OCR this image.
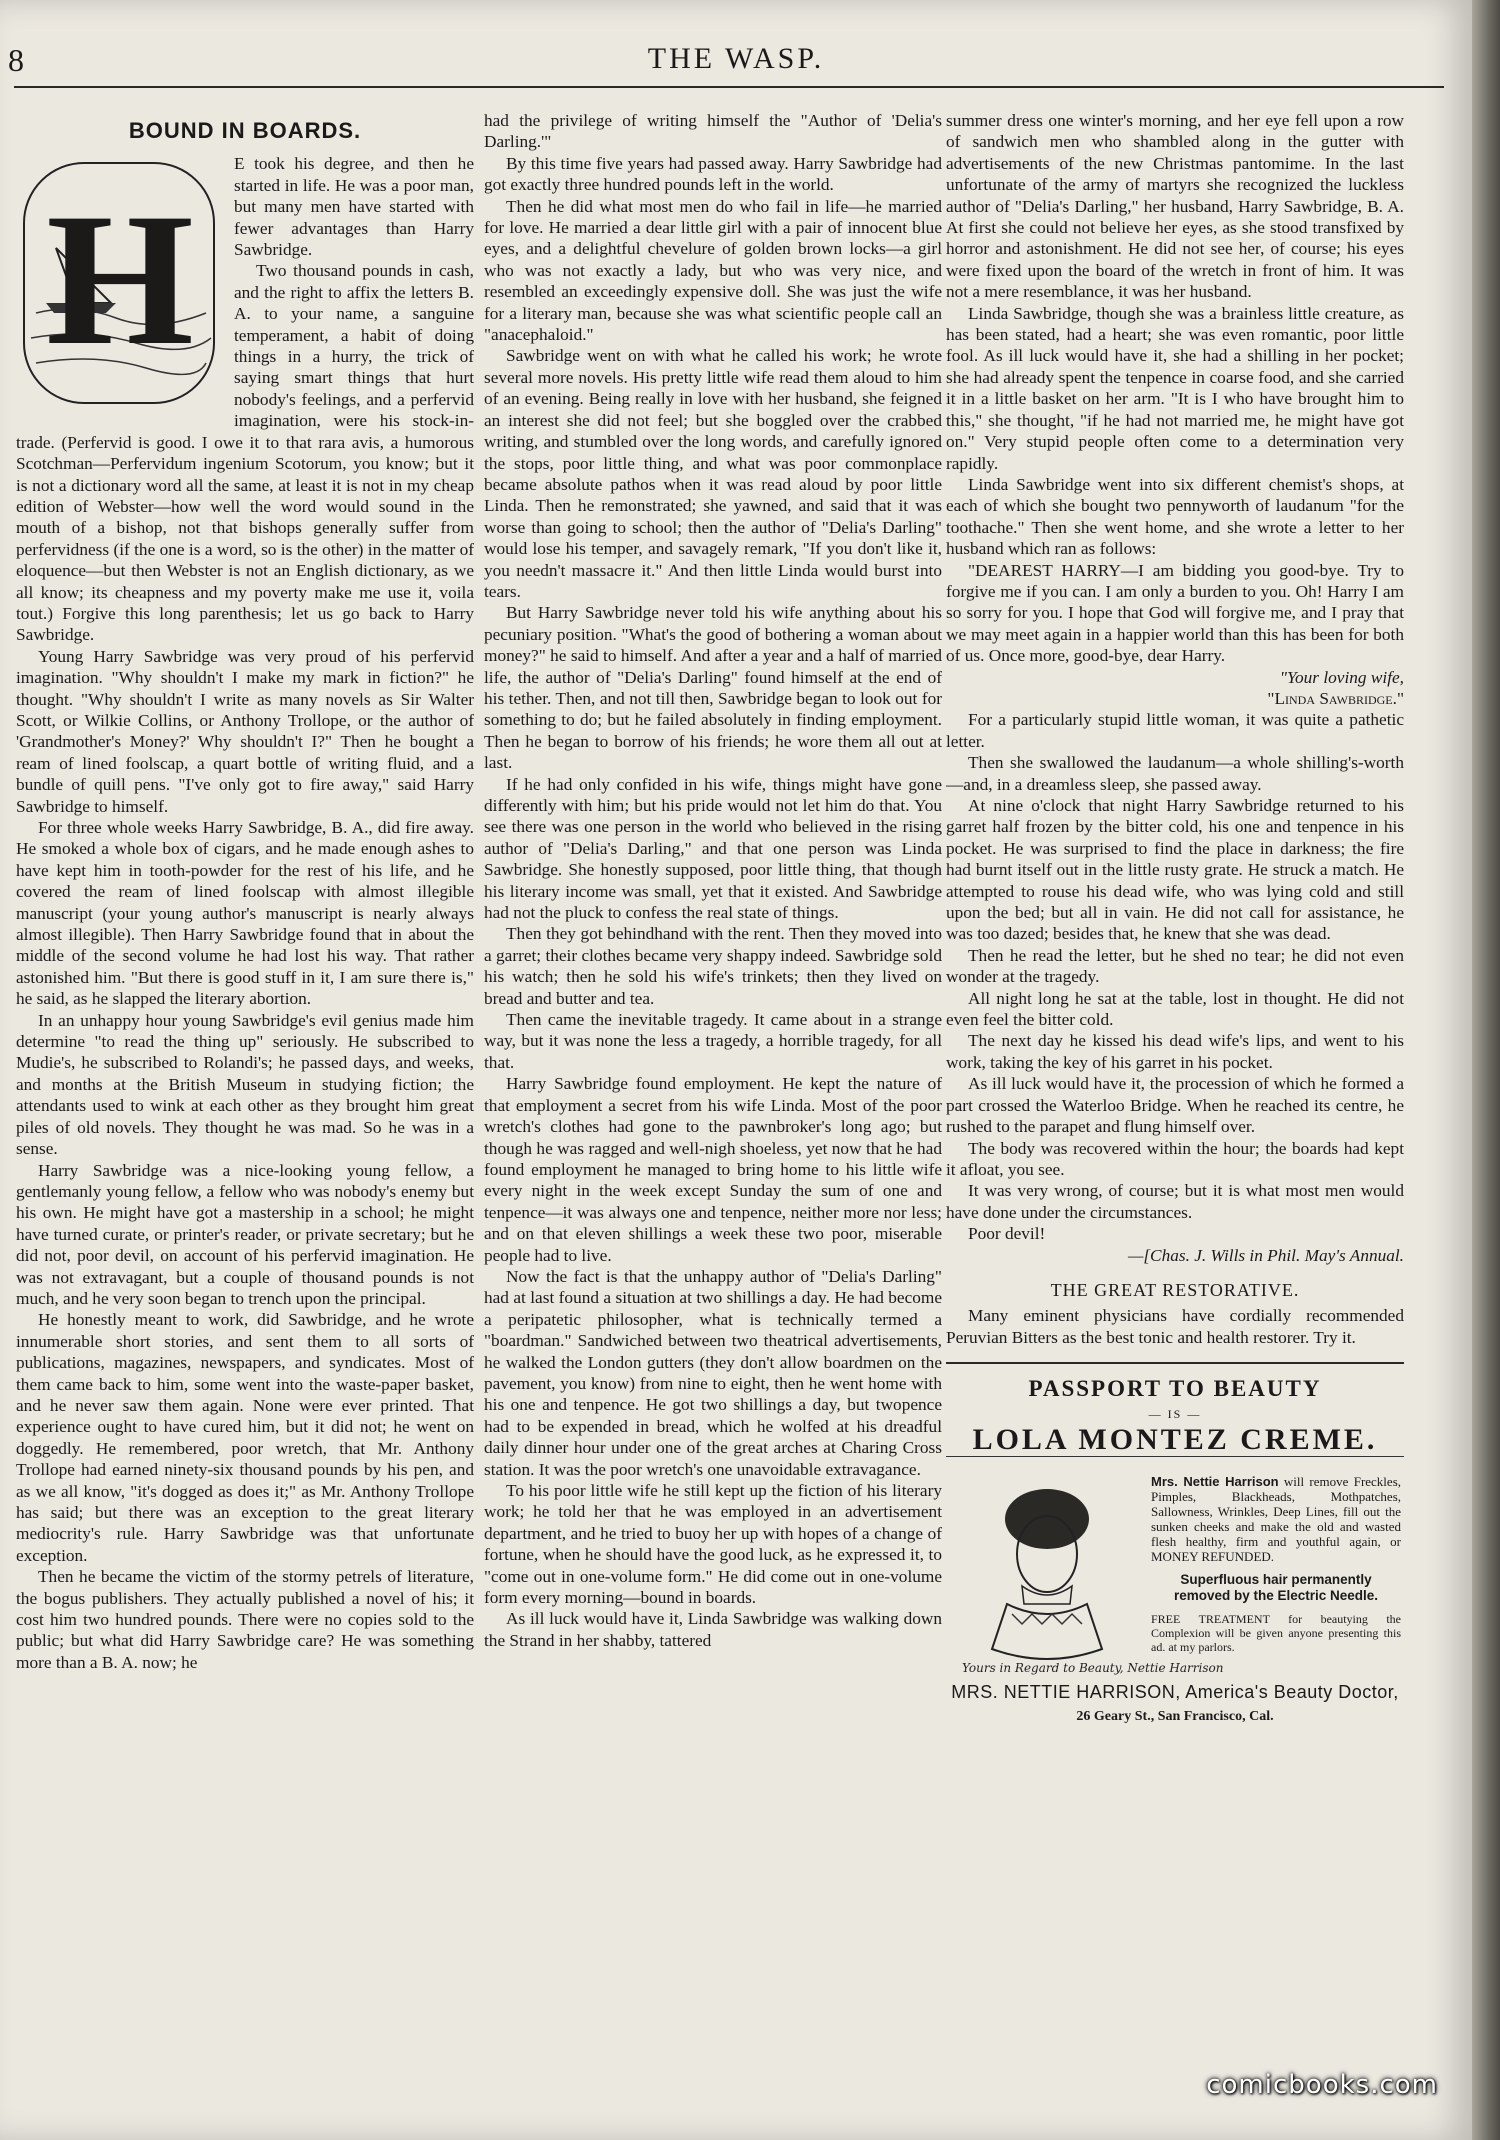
8	THE WASP.
BOUND IN BOARDS.
H

E took his degree, and then he started in life. He was a poor man, but many men have started with fewer advantages than Harry Sawbridge.

Two thousand pounds in cash, and the right to affix the letters B. A. to your name, a sanguine temperament, a habit of doing things in a hurry, the trick of saying smart things that hurt nobody's feelings, and a perfervid imagination, were his stock-in-trade. (Perfervid is good. I owe it to that rara avis, a humorous Scotchman—Perfervidum ingenium Scotorum, you know; but it is not a dictionary word all the same, at least it is not in my cheap edition of Webster—how well the word would sound in the mouth of a bishop, not that bishops generally suffer from perfervidness (if the one is a word, so is the other) in the matter of eloquence—but then Webster is not an English dictionary, as we all know; its cheapness and my poverty make me use it, voila tout.) Forgive this long parenthesis; let us go back to Harry Sawbridge.

Young Harry Sawbridge was very proud of his perfervid imagination. "Why shouldn't I make my mark in fiction?" he thought. "Why shouldn't I write as many novels as Sir Walter Scott, or Wilkie Collins, or Anthony Trollope, or the author of 'Grandmother's Money?' Why shouldn't I?" Then he bought a ream of lined foolscap, a quart bottle of writing fluid, and a bundle of quill pens. "I've only got to fire away," said Harry Sawbridge to himself.

For three whole weeks Harry Sawbridge, B. A., did fire away. He smoked a whole box of cigars, and he made enough ashes to have kept him in tooth-powder for the rest of his life, and he covered the ream of lined foolscap with almost illegible manuscript (your young author's manuscript is nearly always almost illegible). Then Harry Sawbridge found that in about the middle of the second volume he had lost his way. That rather astonished him. "But there is good stuff in it, I am sure there is," he said, as he slapped the literary abortion.

In an unhappy hour young Sawbridge's evil genius made him determine "to read the thing up" seriously. He subscribed to Mudie's, he subscribed to Rolandi's; he passed days, and weeks, and months at the British Museum in studying fiction; the attendants used to wink at each other as they brought him great piles of old novels. They thought he was mad. So he was in a sense.

Harry Sawbridge was a nice-looking young fellow, a gentlemanly young fellow, a fellow who was nobody's enemy but his own. He might have got a mastership in a school; he might have turned curate, or printer's reader, or private secretary; but he did not, poor devil, on account of his perfervid imagination. He was not extravagant, but a couple of thousand pounds is not much, and he very soon began to trench upon the principal.

He honestly meant to work, did Sawbridge, and he wrote innumerable short stories, and sent them to all sorts of publications, magazines, newspapers, and syndicates. Most of them came back to him, some went into the waste-paper basket, and he never saw them again. None were ever printed. That experience ought to have cured him, but it did not; he went on doggedly. He remembered, poor wretch, that Mr. Anthony Trollope had earned ninety-six thousand pounds by his pen, and as we all know, "it's dogged as does it;" as Mr. Anthony Trollope has said; but there was an exception to the great literary mediocrity's rule. Harry Sawbridge was that unfortunate exception.

Then he became the victim of the stormy petrels of literature, the bogus publishers. They actually published a novel of his; it cost him two hundred pounds. There were no copies sold to the public; but what did Harry Sawbridge care? He was something more than a B. A. now; he

had the privilege of writing himself the "Author of 'Delia's Darling.'"

By this time five years had passed away. Harry Sawbridge had got exactly three hundred pounds left in the world.

Then he did what most men do who fail in life—he married for love. He married a dear little girl with a pair of innocent blue eyes, and a delightful chevelure of golden brown locks—a girl who was not exactly a lady, but who was very nice, and resembled an exceedingly expensive doll. She was just the wife for a literary man, because she was what scientific people call an "anacephaloid."

Sawbridge went on with what he called his work; he wrote several more novels. His pretty little wife read them aloud to him of an evening. Being really in love with her husband, she feigned an interest she did not feel; but she boggled over the crabbed writing, and stumbled over the long words, and carefully ignored the stops, poor little thing, and what was poor commonplace became absolute pathos when it was read aloud by poor little Linda. Then he remonstrated; she yawned, and said that it was worse than going to school; then the author of "Delia's Darling" would lose his temper, and savagely remark, "If you don't like it, you needn't massacre it." And then little Linda would burst into tears.

But Harry Sawbridge never told his wife anything about his pecuniary position. "What's the good of bothering a woman about money?" he said to himself. And after a year and a half of married life, the author of "Delia's Darling" found himself at the end of his tether. Then, and not till then, Sawbridge began to look out for something to do; but he failed absolutely in finding employment. Then he began to borrow of his friends; he wore them all out at last.

If he had only confided in his wife, things might have gone differently with him; but his pride would not let him do that. You see there was one person in the world who believed in the rising author of "Delia's Darling," and that one person was Linda Sawbridge. She honestly supposed, poor little thing, that though his literary income was small, yet that it existed. And Sawbridge had not the pluck to confess the real state of things.

Then they got behindhand with the rent. Then they moved into a garret; their clothes became very shappy indeed. Sawbridge sold his watch; then he sold his wife's trinkets; then they lived on bread and butter and tea.

Then came the inevitable tragedy. It came about in a strange way, but it was none the less a tragedy, a horrible tragedy, for all that.

Harry Sawbridge found employment. He kept the nature of that employment a secret from his wife Linda. Most of the poor wretch's clothes had gone to the pawnbroker's long ago; but though he was ragged and well-nigh shoeless, yet now that he had found employment he managed to bring home to his little wife every night in the week except Sunday the sum of one and tenpence—it was always one and tenpence, neither more nor less; and on that eleven shillings a week these two poor, miserable people had to live.

Now the fact is that the unhappy author of "Delia's Darling" had at last found a situation at two shillings a day. He had become a peripatetic philosopher, what is technically termed a "boardman." Sandwiched between two theatrical advertisements, he walked the London gutters (they don't allow boardmen on the pavement, you know) from nine to eight, then he went home with his one and tenpence. He got two shillings a day, but twopence had to be expended in bread, which he wolfed at his dreadful daily dinner hour under one of the great arches at Charing Cross station. It was the poor wretch's one unavoidable extravagance.

To his poor little wife he still kept up the fiction of his literary work; he told her that he was employed in an advertisement department, and he tried to buoy her up with hopes of a change of fortune, when he should have the good luck, as he expressed it, to "come out in one-volume form." He did come out in one-volume form every morning—bound in boards.

As ill luck would have it, Linda Sawbridge was walking down the Strand in her shabby, tattered

summer dress one winter's morning, and her eye fell upon a row of sandwich men who shambled along in the gutter with advertisements of the new Christmas pantomime. In the last unfortunate of the army of martyrs she recognized the luckless author of "Delia's Darling," her husband, Harry Sawbridge, B. A. At first she could not believe her eyes, as she stood transfixed by horror and astonishment. He did not see her, of course; his eyes were fixed upon the board of the wretch in front of him. It was not a mere resemblance, it was her husband.

Linda Sawbridge, though she was a brainless little creature, as has been stated, had a heart; she was even romantic, poor little fool. As ill luck would have it, she had a shilling in her pocket; she had already spent the tenpence in coarse food, and she carried it in a little basket on her arm. "It is I who have brought him to this," she thought, "if he had not married me, he might have got on." Very stupid people often come to a determination very rapidly.

Linda Sawbridge went into six different chemist's shops, at each of which she bought two pennyworth of laudanum "for the toothache." Then she went home, and she wrote a letter to her husband which ran as follows:

"DEAREST HARRY—I am bidding you good-bye. Try to forgive me if you can. I am only a burden to you. Oh! Harry I am so sorry for you. I hope that God will forgive me, and I pray that we may meet again in a happier world than this has been for both of us. Once more, good-bye, dear Harry.

"Your loving wife,
"Linda Sawbridge."

For a particularly stupid little woman, it was quite a pathetic letter.

Then she swallowed the laudanum—a whole shilling's-worth—and, in a dreamless sleep, she passed away.

At nine o'clock that night Harry Sawbridge returned to his garret half frozen by the bitter cold, his one and tenpence in his pocket. He was surprised to find the place in darkness; the fire had burnt itself out in the little rusty grate. He struck a match. He attempted to rouse his dead wife, who was lying cold and still upon the bed; but all in vain. He did not call for assistance, he was too dazed; besides that, he knew that she was dead.

Then he read the letter, but he shed no tear; he did not even wonder at the tragedy.

All night long he sat at the table, lost in thought. He did not even feel the bitter cold.

The next day he kissed his dead wife's lips, and went to his work, taking the key of his garret in his pocket.

As ill luck would have it, the procession of which he formed a part crossed the Waterloo Bridge. When he reached its centre, he rushed to the parapet and flung himself over.

The body was recovered within the hour; the boards had kept it afloat, you see.

It was very wrong, of course; but it is what most men would have done under the circumstances.

Poor devil!

—[Chas. J. Wills in Phil. May's Annual.
THE GREAT RESTORATIVE.

Many eminent physicians have cordially recommended Peruvian Bitters as the best tonic and health restorer. Try it.

PASSPORT TO BEAUTY
— IS —
LOLA MONTEZ CREME.
Yours in Regard to Beauty, Nettie Harrison
Mrs. Nettie Harrison will remove Freckles, Pimples, Blackheads, Mothpatches, Sallowness, Wrinkles, Deep Lines, fill out the sunken cheeks and make the old and wasted flesh healthy, firm and youthful again, or MONEY REFUNDED.
Superfluous hair permanently removed by the Electric Needle.
FREE TREATMENT for beautying the Complexion will be given anyone presenting this ad. at my parlors.
MRS. NETTIE HARRISON, America's Beauty Doctor,
26 Geary St., San Francisco, Cal.
comicbooks.com
